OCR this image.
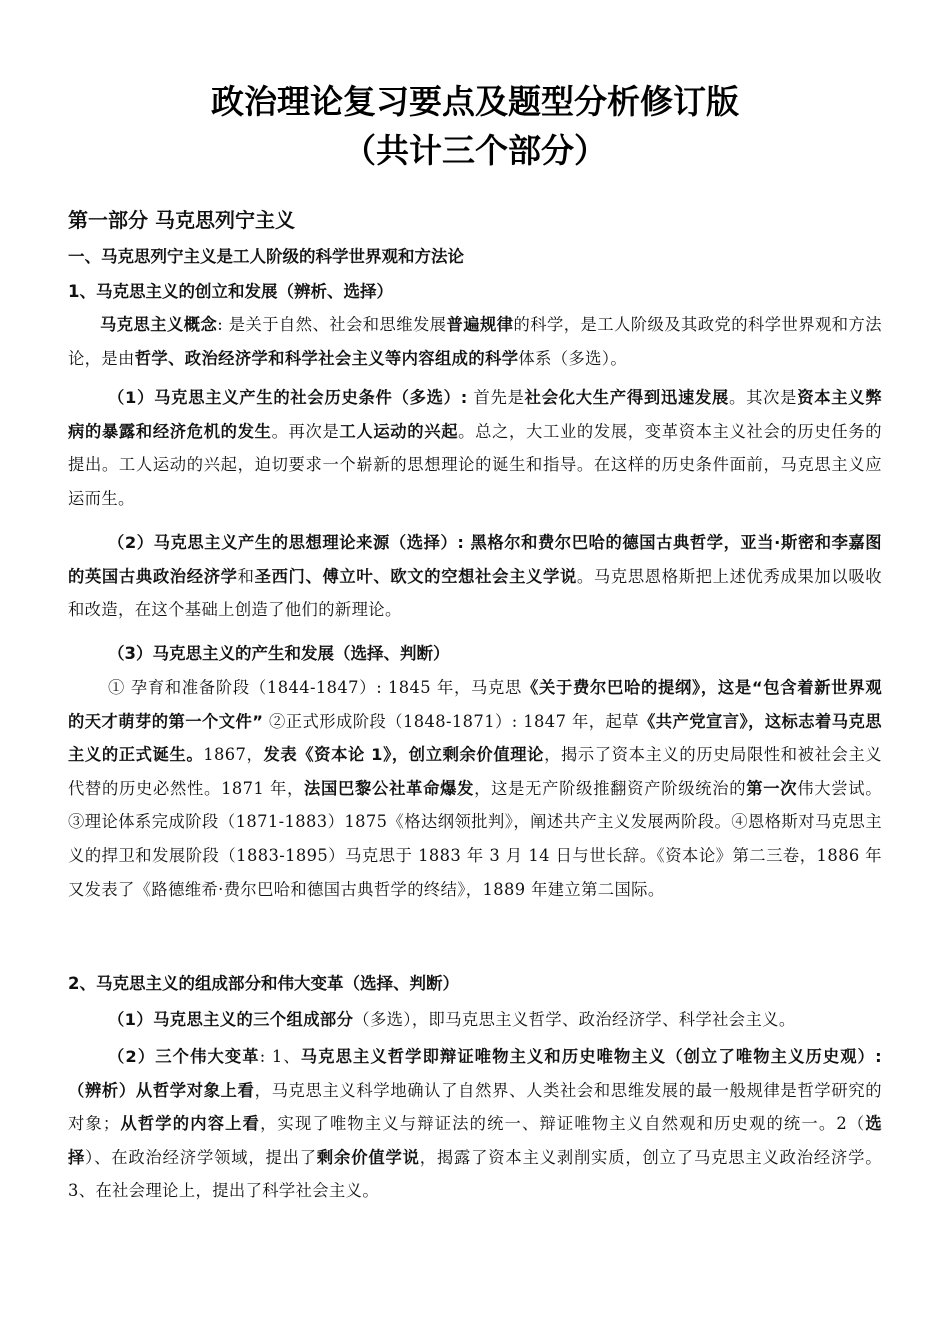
政治理论复习要点及题型分析修订版
（共计三个部分）
第一部分 马克思列宁主义
一、马克思列宁主义是工人阶级的科学世界观和方法论
1、马克思主义的创立和发展（辨析、选择）
马克思主义概念: 是关于自然、社会和思维发展普遍规律的科学，是工人阶级及其政党的科学世界观和方法论，是由哲学、政治经济学和科学社会主义等内容组成的科学体系（多选）。
（1）马克思主义产生的社会历史条件（多选）: 首先是社会化大生产得到迅速发展。其次是资本主义弊病的暴露和经济危机的发生。再次是工人运动的兴起。总之，大工业的发展，变革资本主义社会的历史任务的提出。工人运动的兴起，迫切要求一个崭新的思想理论的诞生和指导。在这样的历史条件面前，马克思主义应运而生。
（2）马克思主义产生的思想理论来源（选择）: 黑格尔和费尔巴哈的德国古典哲学，亚当·斯密和李嘉图的英国古典政治经济学和圣西门、傅立叶、欧文的空想社会主义学说。马克思恩格斯把上述优秀成果加以吸收和改造，在这个基础上创造了他们的新理论。
（3）马克思主义的产生和发展（选择、判断）
① 孕育和准备阶段（1844-1847）: 1845 年，马克思《关于费尔巴哈的提纲》，这是“包含着新世界观的天才萌芽的第一个文件” ②正式形成阶段（1848-1871）: 1847 年，起草《共产党宣言》，这标志着马克思主义的正式诞生。1867，发表《资本论 1》，创立剩余价值理论，揭示了资本主义的历史局限性和被社会主义代替的历史必然性。1871 年，法国巴黎公社革命爆发，这是无产阶级推翻资产阶级统治的第一次伟大尝试。③理论体系完成阶段（1871-1883）1875《格达纲领批判》，阐述共产主义发展两阶段。④恩格斯对马克思主义的捍卫和发展阶段（1883-1895）马克思于 1883 年 3 月 14 日与世长辞。《资本论》第二三卷，1886 年又发表了《路德维希·费尔巴哈和德国古典哲学的终结》，1889 年建立第二国际。
2、马克思主义的组成部分和伟大变革（选择、判断）
（1）马克思主义的三个组成部分（多选），即马克思主义哲学、政治经济学、科学社会主义。
（2）三个伟大变革: 1、马克思主义哲学即辩证唯物主义和历史唯物主义（创立了唯物主义历史观）:（辨析）从哲学对象上看，马克思主义科学地确认了自然界、人类社会和思维发展的最一般规律是哲学研究的对象；从哲学的内容上看，实现了唯物主义与辩证法的统一、辩证唯物主义自然观和历史观的统一。2（选择）、在政治经济学领域，提出了剩余价值学说，揭露了资本主义剥削实质，创立了马克思主义政治经济学。3、在社会理论上，提出了科学社会主义。
